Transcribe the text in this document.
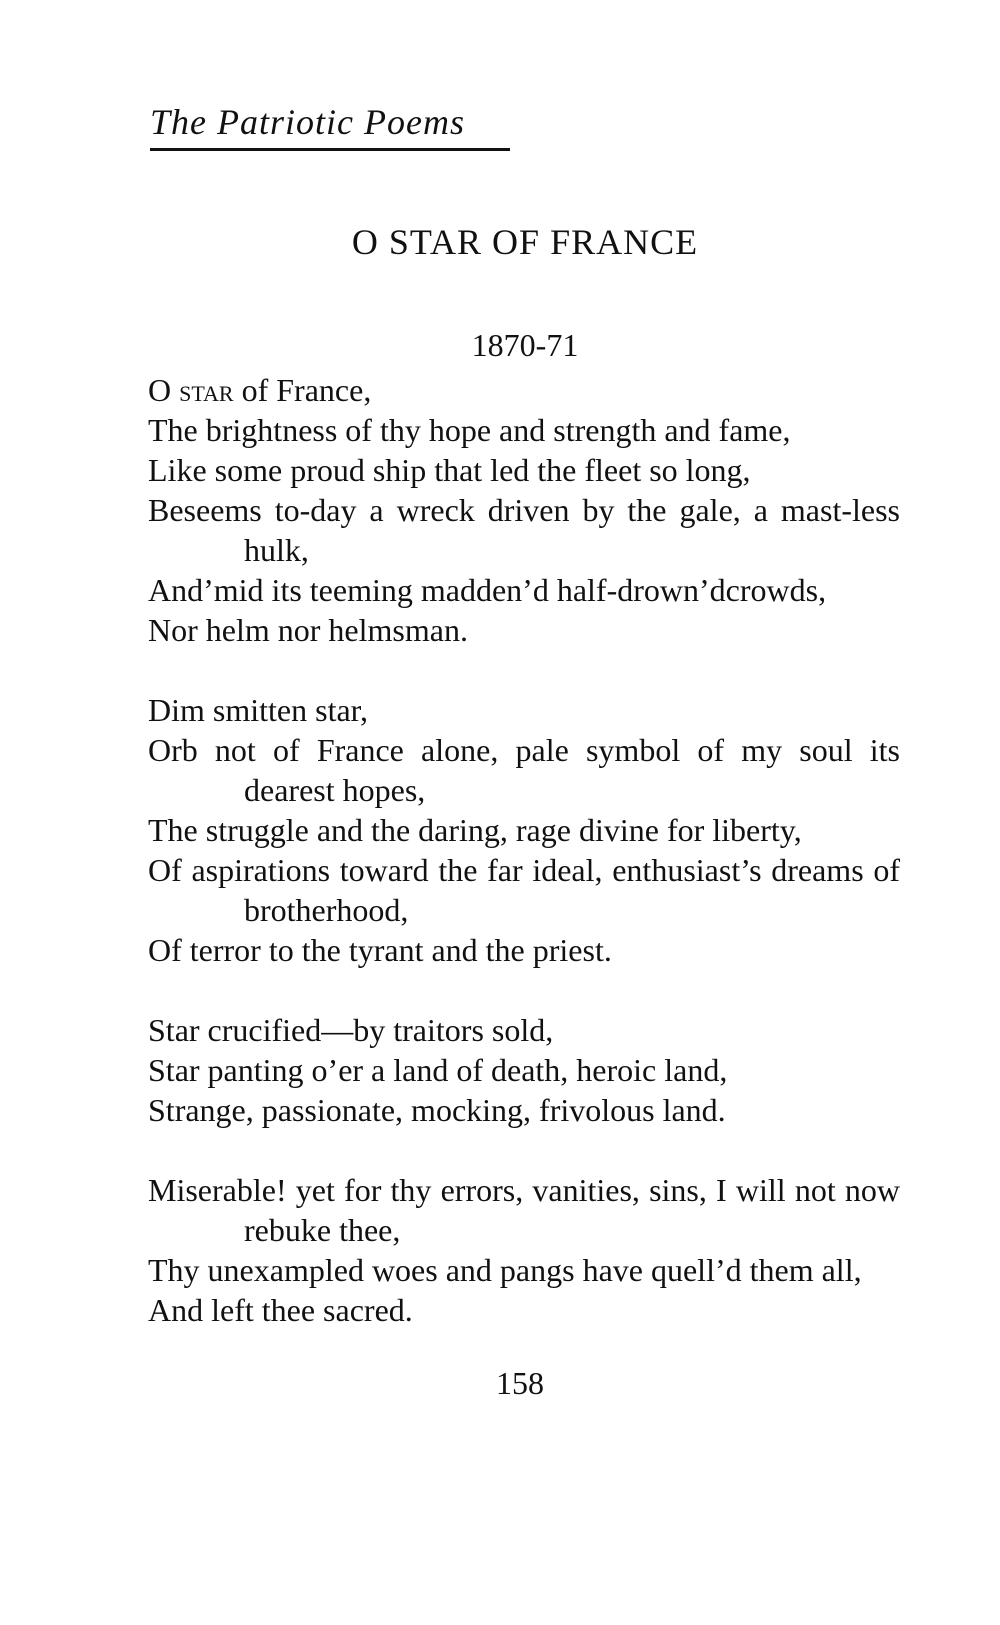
The Patriotic Poems
O STAR OF FRANCE
1870-71
O star of France,
The brightness of thy hope and strength and fame,
Like some proud ship that led the fleet so long,
Beseems to-day a wreck driven by the gale, a mast-less hulk,
And’mid its teeming madden’d half-drown’dcrowds,
Nor helm nor helmsman.
Dim smitten star,
Orb not of France alone, pale symbol of my soul its dearest hopes,
The struggle and the daring, rage divine for liberty,
Of aspirations toward the far ideal, enthusiast’s dreams of brotherhood,
Of terror to the tyrant and the priest.
Star crucified—by traitors sold,
Star panting o’er a land of death, heroic land,
Strange, passionate, mocking, frivolous land.
Miserable! yet for thy errors, vanities, sins, I will not now rebuke thee,
Thy unexampled woes and pangs have quell’d them all,
And left thee sacred.
158
